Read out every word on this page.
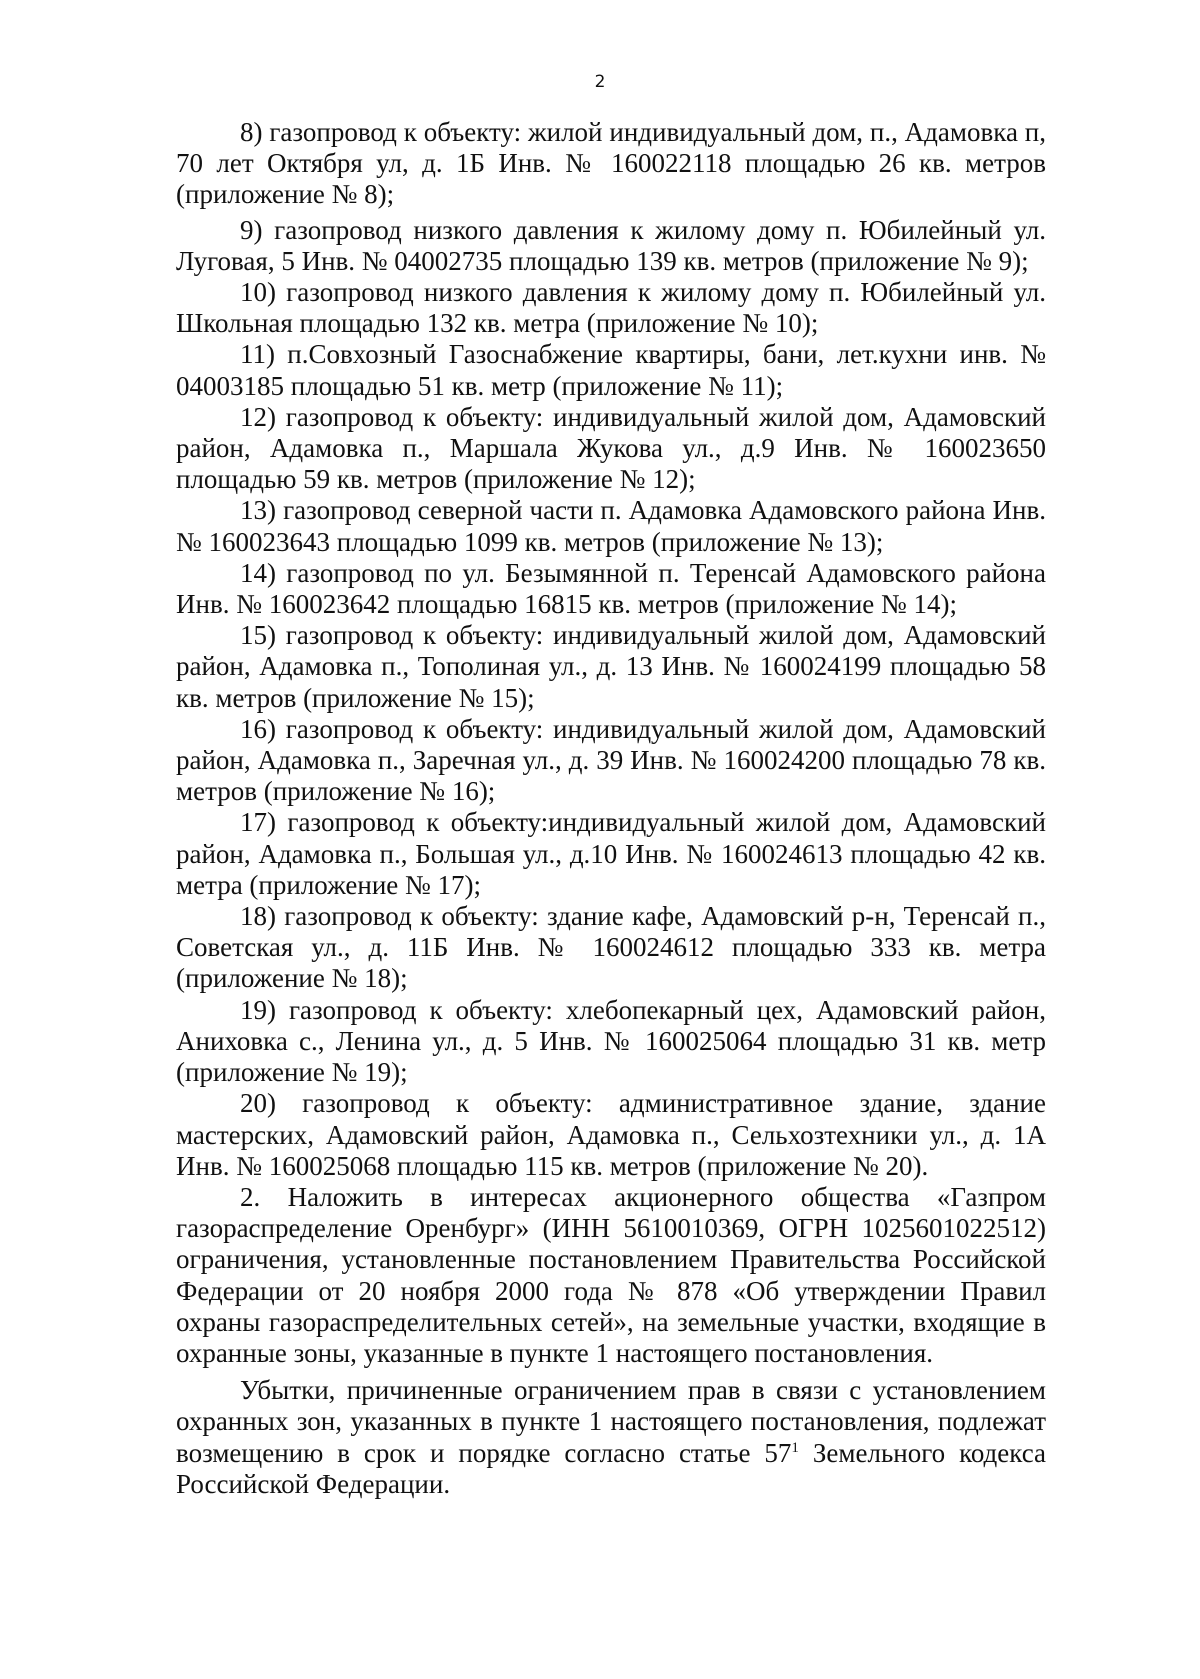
2

8) газопровод к объекту: жилой индивидуальный дом, п., Адамовка п, 70 лет Октября ул, д. 1Б Инв. № 160022118 площадью 26 кв. метров (приложение № 8);

9) газопровод низкого давления к жилому дому п. Юбилейный ул. Луговая, 5 Инв. № 04002735 площадью 139 кв. метров (приложение № 9);

10) газопровод низкого давления к жилому дому п. Юбилейный ул. Школьная площадью 132 кв. метра (приложение № 10);

11) п.Совхозный Газоснабжение квартиры, бани, лет.кухни инв. № 04003185 площадью 51 кв. метр (приложение № 11);

12) газопровод к объекту: индивидуальный жилой дом, Адамовский район, Адамовка п., Маршала Жукова ул., д.9 Инв. № 160023650 площадью 59 кв. метров (приложение № 12);

13) газопровод северной части п. Адамовка Адамовского района Инв. № 160023643 площадью 1099 кв. метров (приложение № 13);

14) газопровод по ул. Безымянной п. Теренсай Адамовского района Инв. № 160023642 площадью 16815 кв. метров (приложение № 14);

15) газопровод к объекту: индивидуальный жилой дом, Адамовский район, Адамовка п., Тополиная ул., д. 13 Инв. № 160024199 площадью 58 кв. метров (приложение № 15);

16) газопровод к объекту: индивидуальный жилой дом, Адамовский район, Адамовка п., Заречная ул., д. 39 Инв. № 160024200 площадью 78 кв. метров (приложение № 16);

17) газопровод к объекту:индивидуальный жилой дом, Адамовский район, Адамовка п., Большая ул., д.10 Инв. № 160024613 площадью 42 кв. метра (приложение № 17);

18) газопровод к объекту: здание кафе, Адамовский р-н, Теренсай п., Советская ул., д. 11Б Инв. № 160024612 площадью 333 кв. метра (приложение № 18);

19) газопровод к объекту: хлебопекарный цех, Адамовский район, Аниховка с., Ленина ул., д. 5 Инв. № 160025064 площадью 31 кв. метр (приложение № 19);

20) газопровод к объекту: административное здание, здание мастерских, Адамовский район, Адамовка п., Сельхозтехники ул., д. 1А Инв. № 160025068 площадью 115 кв. метров (приложение № 20).

2. Наложить в интересах акционерного общества «Газпром газораспределение Оренбург» (ИНН 5610010369, ОГРН 1025601022512) ограничения, установленные постановлением Правительства Российской Федерации от 20 ноября 2000 года № 878 «Об утверждении Правил охраны газораспределительных сетей», на земельные участки, входящие в охранные зоны, указанные в пункте 1 настоящего постановления.

Убытки, причиненные ограничением прав в связи с установлением охранных зон, указанных в пункте 1 настоящего постановления, подлежат возмещению в срок и порядке согласно статье $57^1$ Земельного кодекса Российской Федерации.
